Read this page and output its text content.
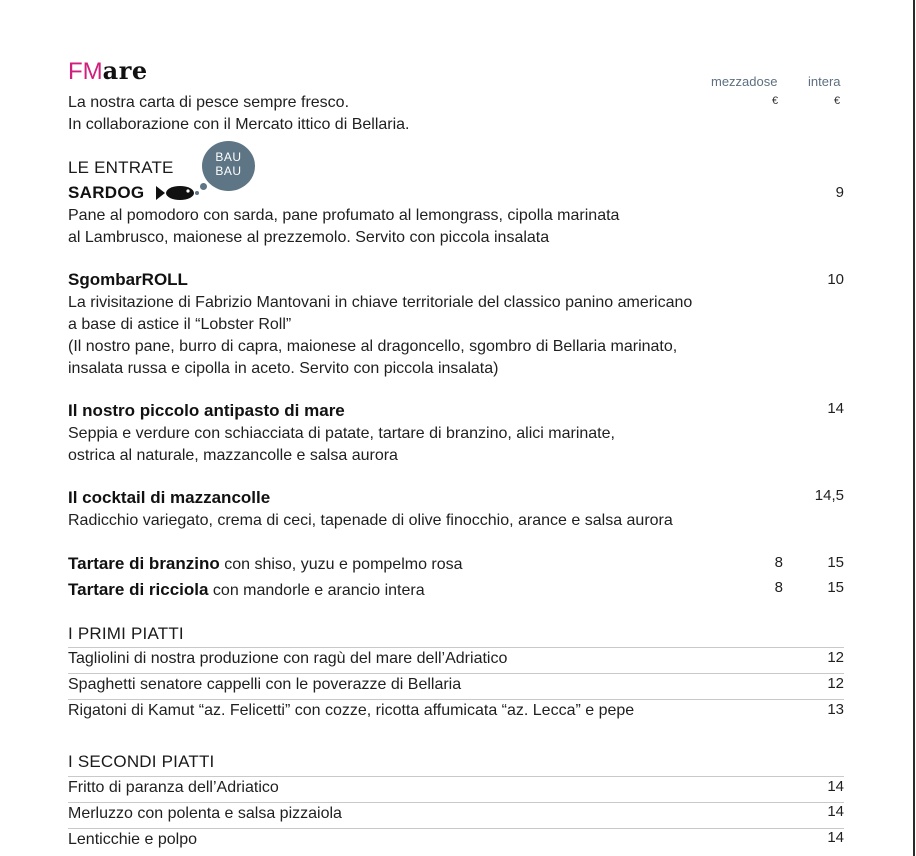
FMare
La nostra carta di pesce sempre fresco.
In collaborazione con il Mercato ittico di Bellaria.
mezzadose intera
€	€
LE ENTRATE
BAU
BAU
SARDOG	9
Pane al pomodoro con sarda, pane profumato al lemongrass, cipolla marinata
al Lambrusco, maionese al prezzemolo. Servito con piccola insalata
SgombarROLL	10
La rivisitazione di Fabrizio Mantovani in chiave territoriale del classico panino americano
a base di astice il “Lobster Roll”
(Il nostro pane, burro di capra, maionese al dragoncello, sgombro di Bellaria marinato,
insalata russa e cipolla in aceto. Servito con piccola insalata)
Il nostro piccolo antipasto di mare	14
Seppia e verdure con schiacciata di patate, tartare di branzino, alici marinate,
ostrica al naturale, mazzancolle e salsa aurora
Il cocktail di mazzancolle	14,5
Radicchio variegato, crema di ceci, tapenade di olive finocchio, arance e salsa aurora
Tartare di branzino con shiso, yuzu e pompelmo rosa	8	15
Tartare di ricciola con mandorle e arancio intera	8	15
I PRIMI PIATTI
Tagliolini di nostra produzione con ragù del mare dell’Adriatico	12
Spaghetti senatore cappelli con le poverazze di Bellaria	12
Rigatoni di Kamut “az. Felicetti” con cozze, ricotta affumicata “az. Lecca” e pepe	13
I SECONDI PIATTI
Fritto di paranza dell’Adriatico	14
Merluzzo con polenta e salsa pizzaiola	14
Lenticchie e polpo	14
